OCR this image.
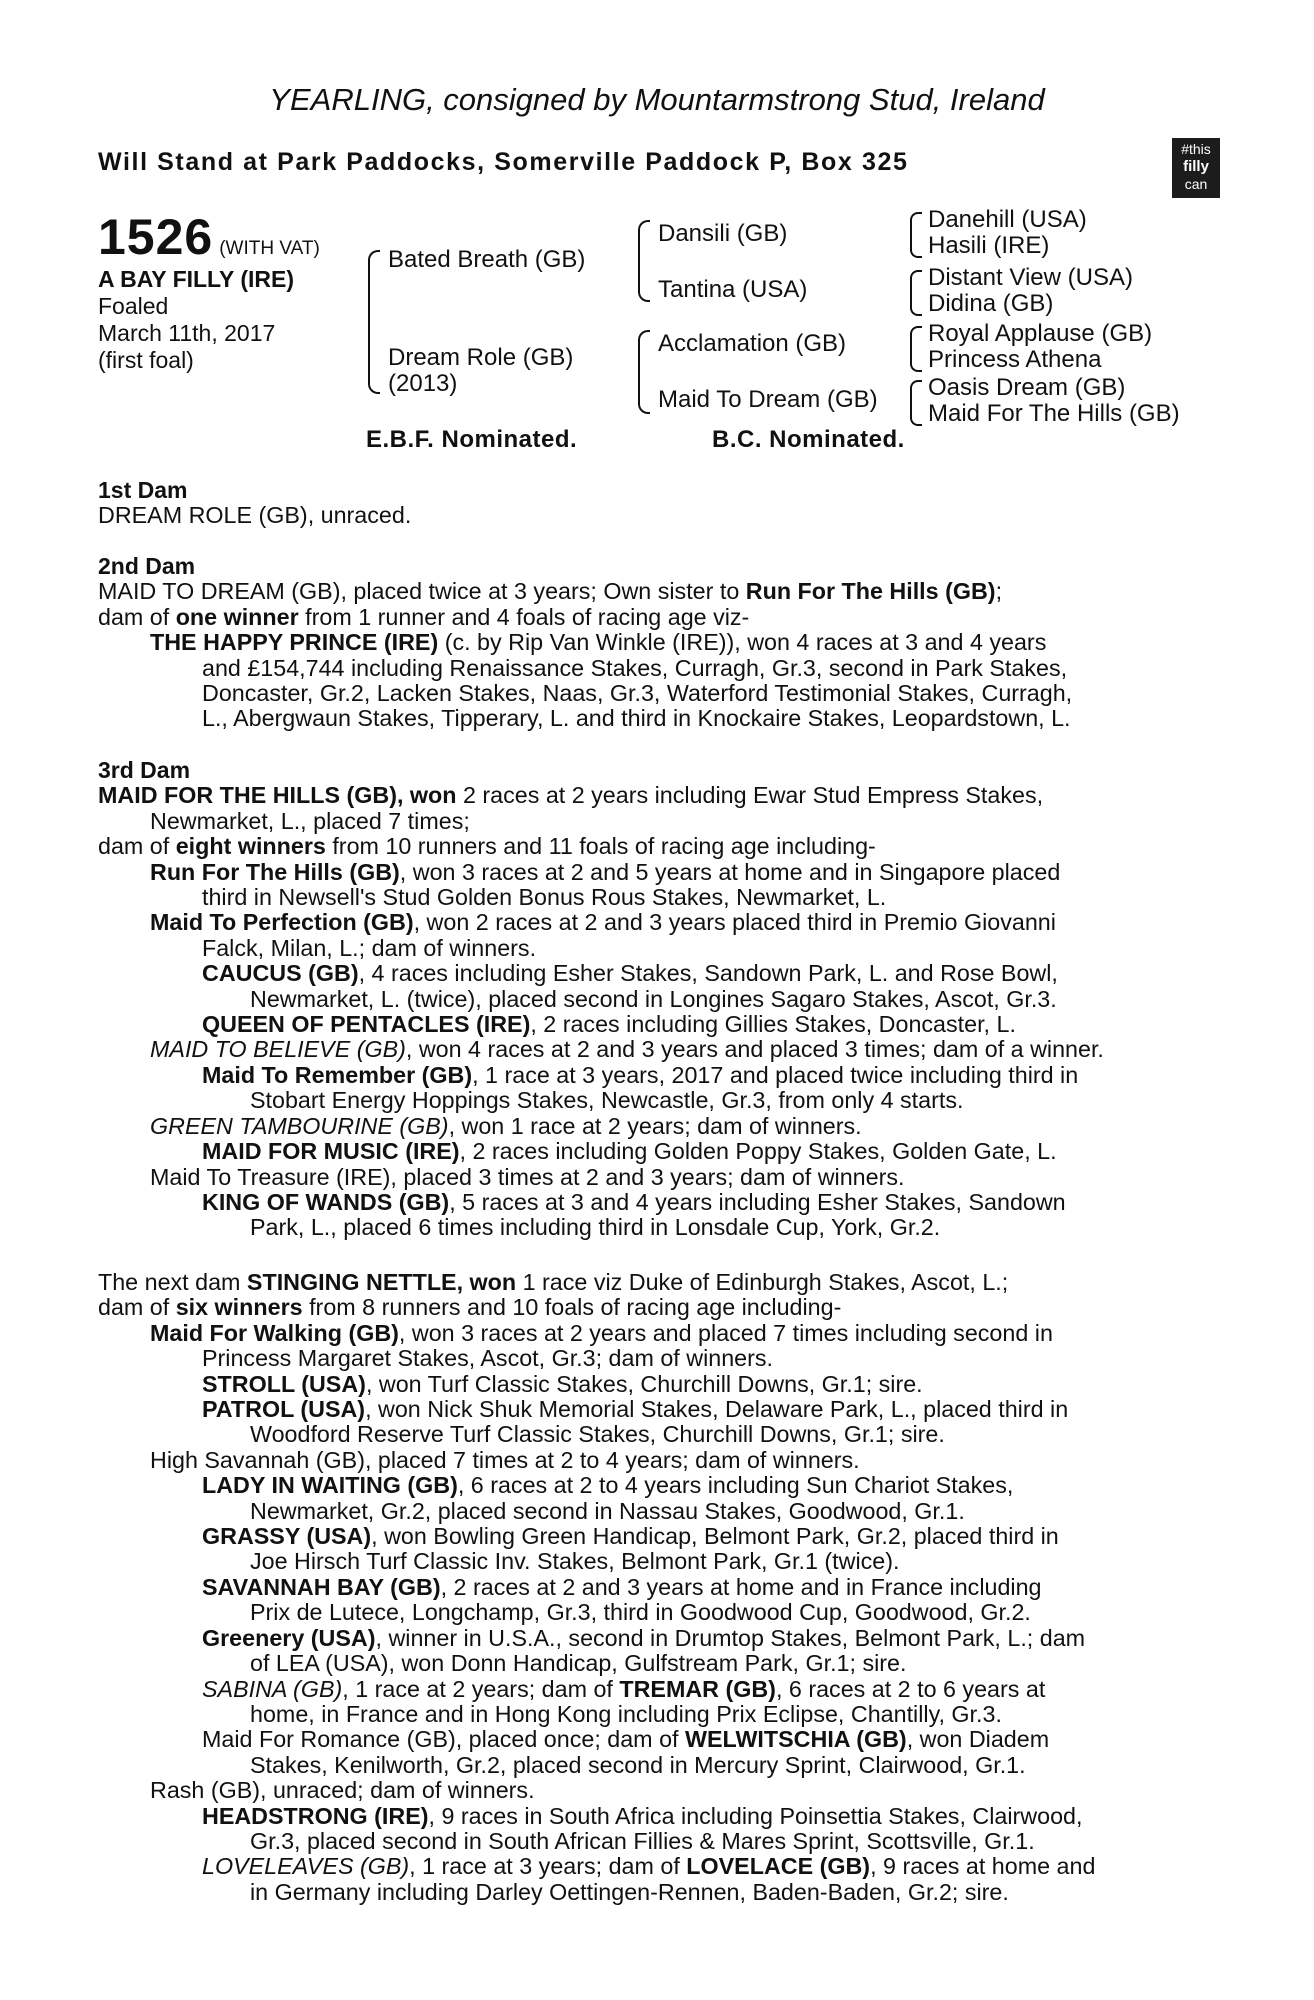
YEARLING, consigned by Mountarmstrong Stud, Ireland
Will Stand at Park Paddocks, Somerville Paddock P, Box 325	#this
filly
can
1526 (WITH VAT)
A BAY FILLY (IRE)
Foaled
March 11th, 2017
(first foal)
Bated Breath (GB)
Dream Role (GB)
(2013)
Dansili (GB)
Tantina (USA)
Acclamation (GB)
Maid To Dream (GB)
Danehill (USA)
Hasili (IRE)
Distant View (USA)
Didina (GB)
Royal Applause (GB)
Princess Athena
Oasis Dream (GB)
Maid For The Hills (GB)
E.B.F. Nominated.	B.C. Nominated.
1st Dam
DREAM ROLE (GB), unraced.
2nd Dam
MAID TO DREAM (GB), placed twice at 3 years; Own sister to Run For The Hills (GB);
dam of one winner from 1 runner and 4 foals of racing age viz-
THE HAPPY PRINCE (IRE) (c. by Rip Van Winkle (IRE)), won 4 races at 3 and 4 years
and £154,744 including Renaissance Stakes, Curragh, Gr.3, second in Park Stakes,
Doncaster, Gr.2, Lacken Stakes, Naas, Gr.3, Waterford Testimonial Stakes, Curragh,
L., Abergwaun Stakes, Tipperary, L. and third in Knockaire Stakes, Leopardstown, L.
3rd Dam
MAID FOR THE HILLS (GB), won 2 races at 2 years including Ewar Stud Empress Stakes,
Newmarket, L., placed 7 times;
dam of eight winners from 10 runners and 11 foals of racing age including-
Run For The Hills (GB), won 3 races at 2 and 5 years at home and in Singapore placed
third in Newsell's Stud Golden Bonus Rous Stakes, Newmarket, L.
Maid To Perfection (GB), won 2 races at 2 and 3 years placed third in Premio Giovanni
Falck, Milan, L.; dam of winners.
CAUCUS (GB), 4 races including Esher Stakes, Sandown Park, L. and Rose Bowl,
Newmarket, L. (twice), placed second in Longines Sagaro Stakes, Ascot, Gr.3.
QUEEN OF PENTACLES (IRE), 2 races including Gillies Stakes, Doncaster, L.
MAID TO BELIEVE (GB), won 4 races at 2 and 3 years and placed 3 times; dam of a winner.
Maid To Remember (GB), 1 race at 3 years, 2017 and placed twice including third in
Stobart Energy Hoppings Stakes, Newcastle, Gr.3, from only 4 starts.
GREEN TAMBOURINE (GB), won 1 race at 2 years; dam of winners.
MAID FOR MUSIC (IRE), 2 races including Golden Poppy Stakes, Golden Gate, L.
Maid To Treasure (IRE), placed 3 times at 2 and 3 years; dam of winners.
KING OF WANDS (GB), 5 races at 3 and 4 years including Esher Stakes, Sandown
Park, L., placed 6 times including third in Lonsdale Cup, York, Gr.2.
The next dam STINGING NETTLE, won 1 race viz Duke of Edinburgh Stakes, Ascot, L.;
dam of six winners from 8 runners and 10 foals of racing age including-
Maid For Walking (GB), won 3 races at 2 years and placed 7 times including second in
Princess Margaret Stakes, Ascot, Gr.3; dam of winners.
STROLL (USA), won Turf Classic Stakes, Churchill Downs, Gr.1; sire.
PATROL (USA), won Nick Shuk Memorial Stakes, Delaware Park, L., placed third in
Woodford Reserve Turf Classic Stakes, Churchill Downs, Gr.1; sire.
High Savannah (GB), placed 7 times at 2 to 4 years; dam of winners.
LADY IN WAITING (GB), 6 races at 2 to 4 years including Sun Chariot Stakes,
Newmarket, Gr.2, placed second in Nassau Stakes, Goodwood, Gr.1.
GRASSY (USA), won Bowling Green Handicap, Belmont Park, Gr.2, placed third in
Joe Hirsch Turf Classic Inv. Stakes, Belmont Park, Gr.1 (twice).
SAVANNAH BAY (GB), 2 races at 2 and 3 years at home and in France including
Prix de Lutece, Longchamp, Gr.3, third in Goodwood Cup, Goodwood, Gr.2.
Greenery (USA), winner in U.S.A., second in Drumtop Stakes, Belmont Park, L.; dam
of LEA (USA), won Donn Handicap, Gulfstream Park, Gr.1; sire.
SABINA (GB), 1 race at 2 years; dam of TREMAR (GB), 6 races at 2 to 6 years at
home, in France and in Hong Kong including Prix Eclipse, Chantilly, Gr.3.
Maid For Romance (GB), placed once; dam of WELWITSCHIA (GB), won Diadem
Stakes, Kenilworth, Gr.2, placed second in Mercury Sprint, Clairwood, Gr.1.
Rash (GB), unraced; dam of winners.
HEADSTRONG (IRE), 9 races in South Africa including Poinsettia Stakes, Clairwood,
Gr.3, placed second in South African Fillies & Mares Sprint, Scottsville, Gr.1.
LOVELEAVES (GB), 1 race at 3 years; dam of LOVELACE (GB), 9 races at home and
in Germany including Darley Oettingen-Rennen, Baden-Baden, Gr.2; sire.
